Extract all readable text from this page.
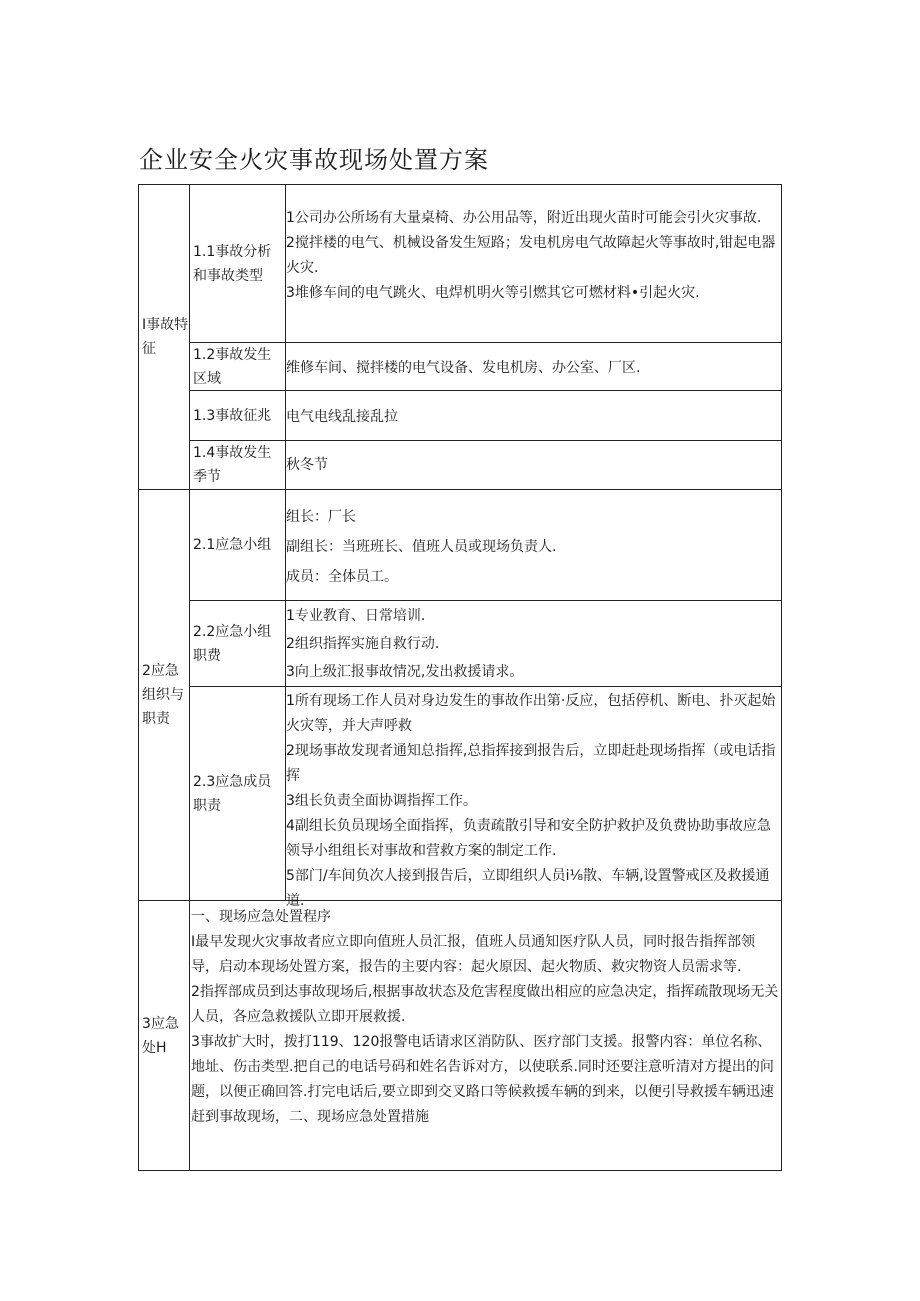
企业安全火灾事故现场处置方案
I事故特征
1.1事故分析和事故类型

1公司办公所场有大量桌椅、办公用品等，附近出现火苗时可能会引火灾事故.

2搅拌楼的电气、机械设备发生短路；发电机房电气故障起火等事故时,钳起电器火灾.

3堆修车间的电气跳火、电焊机明火等引燃其它可燃材料•引起火灾.

1.2事故发生区域

维修车间、搅拌楼的电气设备、发电机房、办公室、厂区.

1.3事故征兆 电气电线乱接乱拉

1.4事故发生季节

秋冬节

2应急组织与职责
2.1应急小组

组长：厂长

副组长：当班班长、值班人员或现场负责人.

成员：全体员工。

2.2应急小组职费

1专业教育、日常培训.

2组织指挥实施自救行动.

3向上级汇报事故情况,发出救援请求。

2.3应急成员职责

1所有现场工作人员对身边发生的事故作出第·反应，包括停机、断电、扑灭起始火灾等，并大声呼救

2现场事故发现者通知总指挥,总指挥接到报告后，立即赶赴现场指挥（或电话指挥

3组长负责全面协调指挥工作。

4副组长负员现场全面指挥，负责疏散引导和安全防护救护及负费协助事故应急领导小组组长对事故和营救方案的制定工作.

5部门/车间负次人接到报告后，立即组织人员i⅛散、车辆,设置警戒区及救援通道.

3应急处H

一、现场应急处置程序

I最早发现火灾事故者应立即向值班人员汇报，值班人员通知医疗队人员，同时报告指挥部领导，启动本现场处置方案，报告的主要内容：起火原因、起火物质、救灾物资人员需求等.

2指挥部成员到达事故现场后,根据事故状态及危害程度做出相应的应急决定，指挥疏散现场无关人员，各应急救援队立即开展救援.

3事故扩大时，拨打119、120报警电话请求区消防队、医疗部门支援。报警内容：单位名称、地址、伤击类型.把自己的电话号码和姓名告诉对方，以使联系.同时还要注意听清对方提出的问题，以便正确回答.打完电话后,要立即到交叉路口等候救援车辆的到来，以便引导救援车辆迅速赶到事故现场，二、现场应急处置措施
